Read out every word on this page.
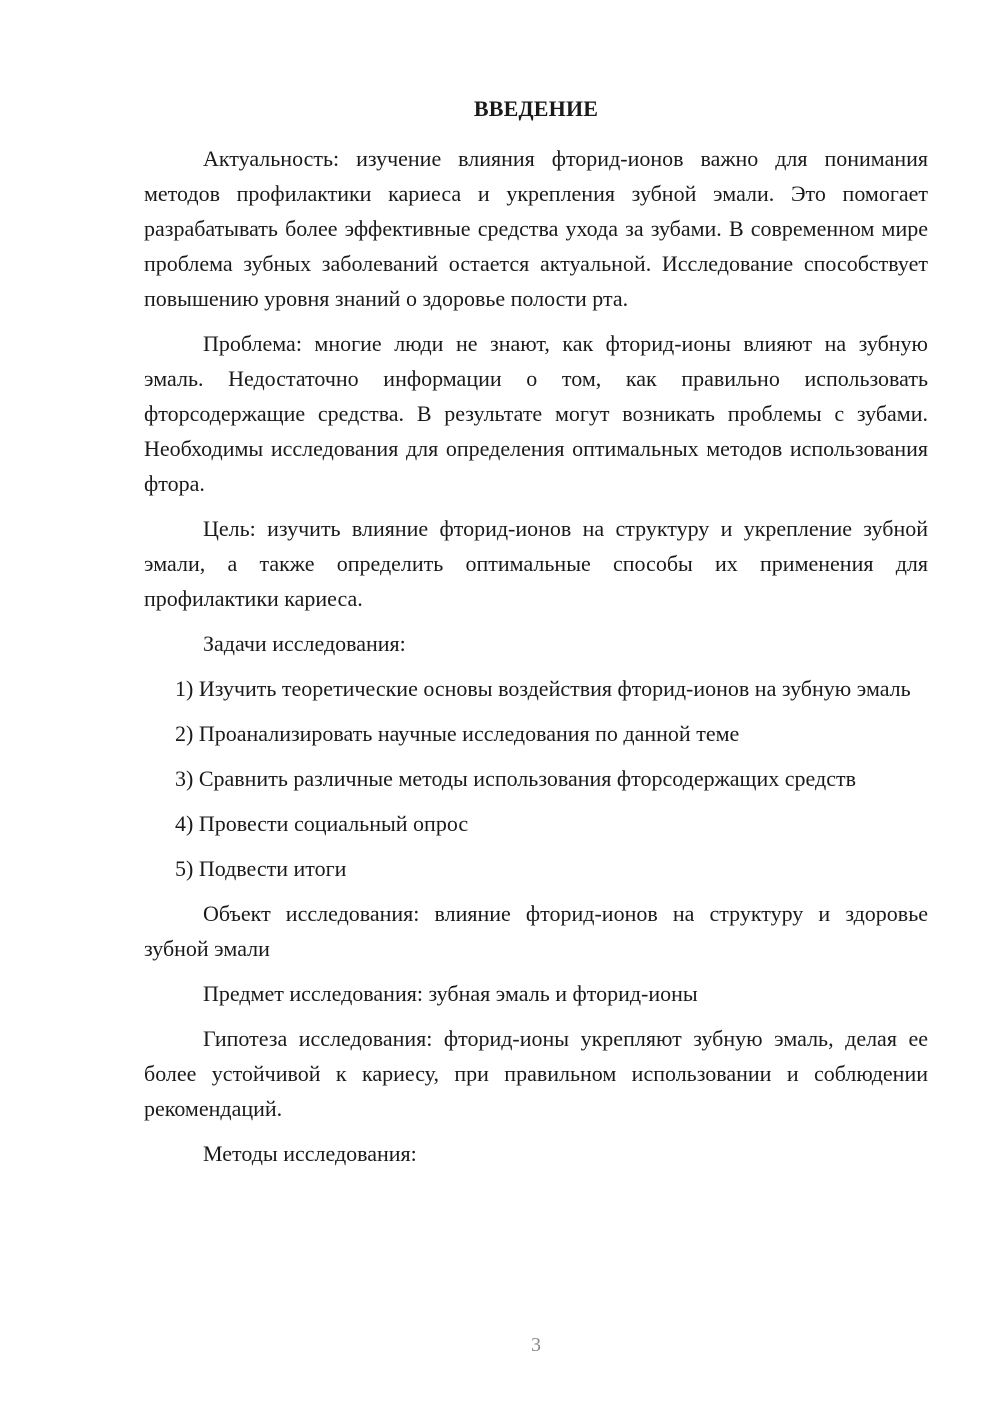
ВВЕДЕНИЕ

Актуальность: изучение влияния фторид-ионов важно для понимания методов профилактики кариеса и укрепления зубной эмали. Это помогает разрабатывать более эффективные средства ухода за зубами. В современном мире проблема зубных заболеваний остается актуальной. Исследование способствует повышению уровня знаний о здоровье полости рта.

Проблема: многие люди не знают, как фторид-ионы влияют на зубную эмаль. Недостаточно информации о том, как правильно использовать фторсодержащие средства. В результате могут возникать проблемы с зубами. Необходимы исследования для определения оптимальных методов использования фтора.

Цель: изучить влияние фторид-ионов на структуру и укрепление зубной эмали, а также определить оптимальные способы их применения для профилактики кариеса.

Задачи исследования:

1) Изучить теоретические основы воздействия фторид-ионов на зубную эмаль

2) Проанализировать научные исследования по данной теме

3) Сравнить различные методы использования фторсодержащих средств

4) Провести социальный опрос

5) Подвести итоги

Объект исследования: влияние фторид-ионов на структуру и здоровье зубной эмали

Предмет исследования: зубная эмаль и фторид-ионы

Гипотеза исследования: фторид-ионы укрепляют зубную эмаль, делая ее более устойчивой к кариесу, при правильном использовании и соблюдении рекомендаций.

Методы исследования:

3
